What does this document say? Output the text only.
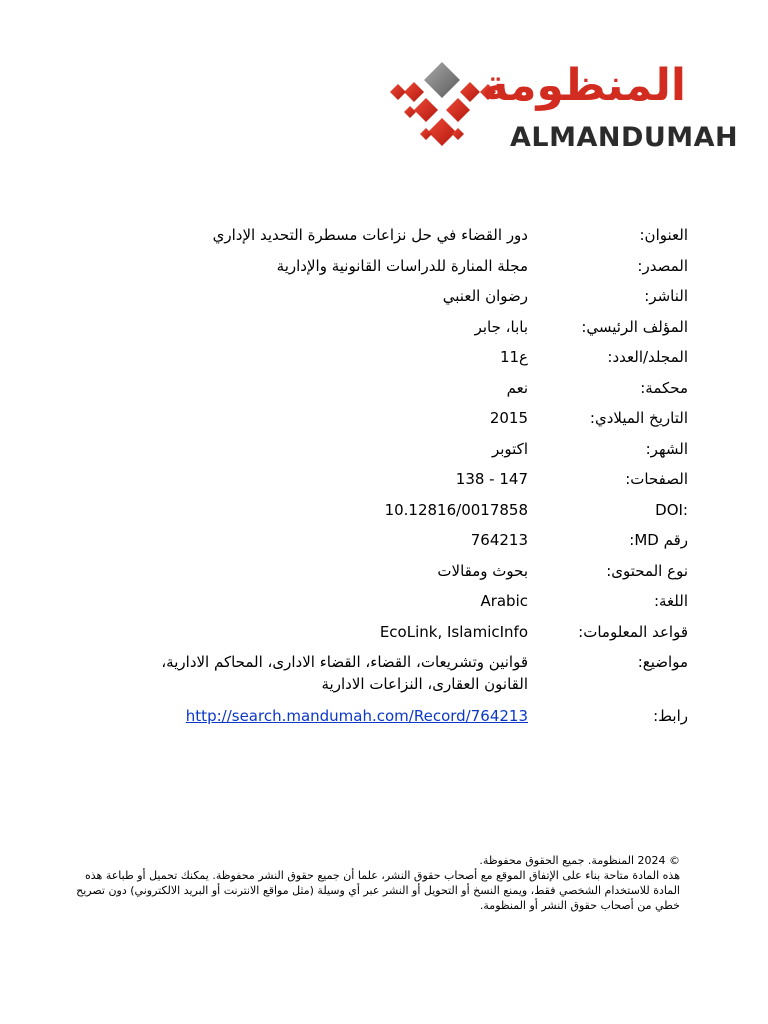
المنظومة
ALMANDUMAH
العنوان:
دور القضاء في حل نزاعات مسطرة التحديد الإداري
المصدر:
مجلة المنارة للدراسات القانونية والإدارية
الناشر:
رضوان العنبي
المؤلف الرئيسي:
بابا، جابر
المجلد/العدد:
ع11
محكمة:
نعم
التاريخ الميلادي:
2015
الشهر:
اكتوبر
الصفحات:
138 - 147
DOI:
10.12816/0017858
رقم MD:
764213
نوع المحتوى:
بحوث ومقالات
اللغة:
Arabic
قواعد المعلومات:
EcoLink, IslamicInfo
مواضيع:
قوانين وتشريعات، القضاء، القضاء الادارى، المحاكم الادارية، القانون العقارى، النزاعات الادارية
رابط:
http://search.mandumah.com/Record/764213
© 2024 المنظومة. جميع الحقوق محفوظة.
هذه المادة متاحة بناء على الإتفاق الموقع مع أصحاب حقوق النشر، علما أن جميع حقوق النشر محفوظة. يمكنك تحميل أو طباعة هذه المادة للاستخدام الشخصي فقط، ويمنع النسخ أو التحويل أو النشر عبر أي وسيلة (مثل مواقع الانترنت أو البريد الالكتروني) دون تصريح خطي من أصحاب حقوق النشر أو المنظومة.
